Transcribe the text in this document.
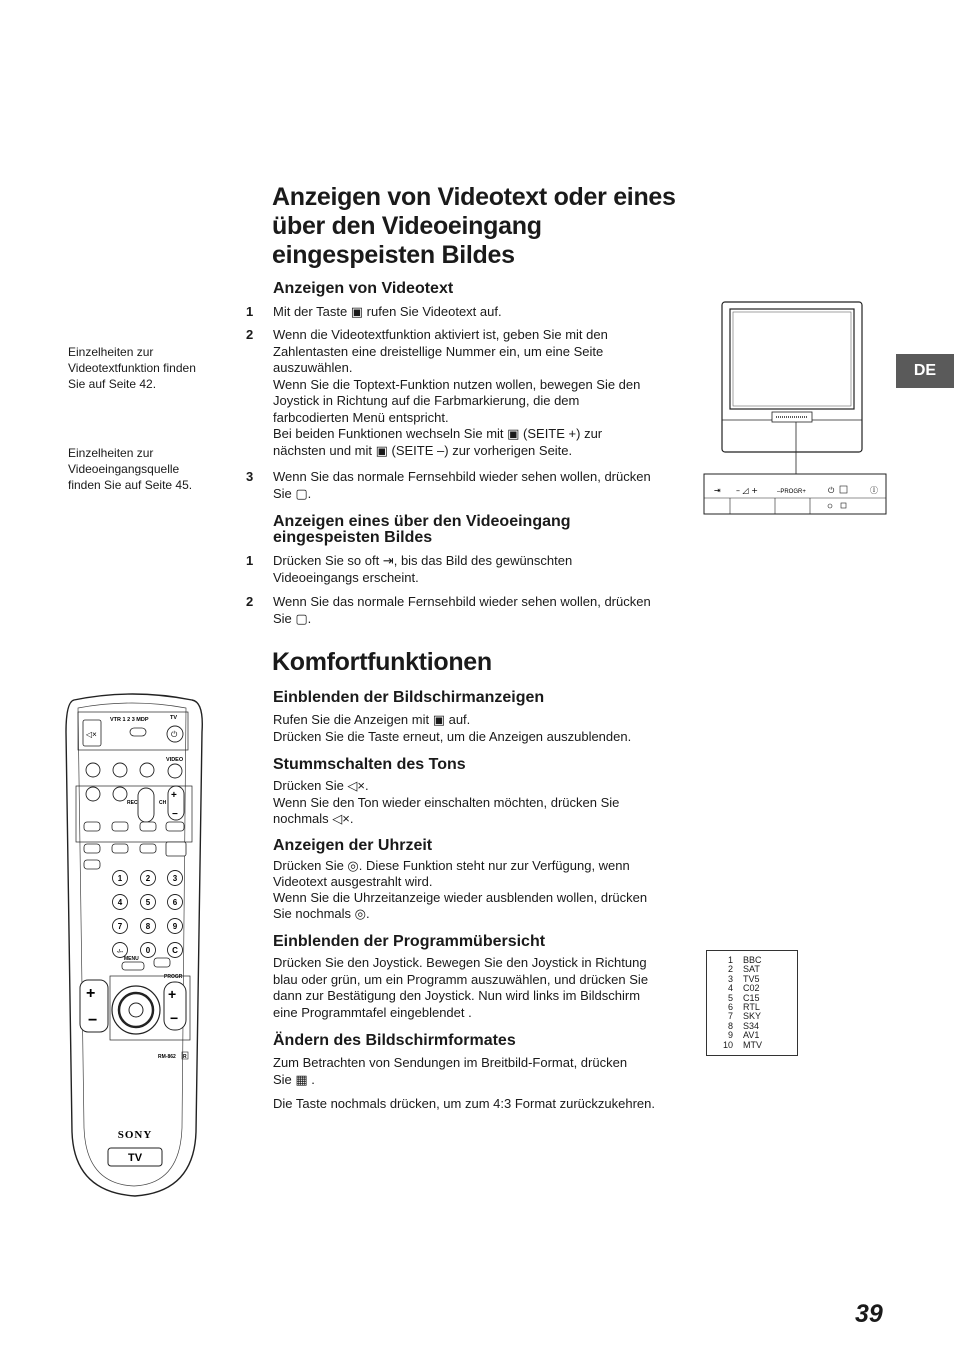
Anzeigen von Videotext oder eines
über den Videoeingang
eingespeisten Bildes
DE
Einzelheiten zur
Videotextfunktion finden
Sie auf Seite 42.
Einzelheiten zur
Videoeingangsquelle
finden Sie auf Seite 45.
Anzeigen von Videotext
1 Mit der Taste ▣ rufen Sie Videotext auf.
2 Wenn die Videotextfunktion aktiviert ist, geben Sie mit den
Zahlentasten eine dreistellige Nummer ein, um eine Seite
auszuwählen.
Wenn Sie die Toptext-Funktion nutzen wollen, bewegen Sie den
Joystick in Richtung auf die Farbmarkierung, die dem
farbcodierten Menü entspricht.
Bei beiden Funktionen wechseln Sie mit ▣ (SEITE +) zur
nächsten und mit ▣ (SEITE –) zur vorherigen Seite.
3 Wenn Sie das normale Fernsehbild wieder sehen wollen, drücken
Sie ▢.
Anzeigen eines über den Videoeingang
eingespeisten Bildes
1 Drücken Sie so oft ⇥, bis das Bild des gewünschten
Videoeingangs erscheint.
2 Wenn Sie das normale Fernsehbild wieder sehen wollen, drücken
Sie ▢.
Komfortfunktionen
Einblenden der Bildschirmanzeigen
Rufen Sie die Anzeigen mit ▣ auf.
Drücken Sie die Taste erneut, um die Anzeigen auszublenden.
Stummschalten des Tons
Drücken Sie ◁×.
Wenn Sie den Ton wieder einschalten möchten, drücken Sie
nochmals ◁×.
Anzeigen der Uhrzeit
Drücken Sie ◎. Diese Funktion steht nur zur Verfügung, wenn
Videotext ausgestrahlt wird.
Wenn Sie die Uhrzeitanzeige wieder ausblenden wollen, drücken
Sie nochmals ◎.
Einblenden der Programmübersicht
Drücken Sie den Joystick. Bewegen Sie den Joystick in Richtung
blau oder grün, um ein Programm auszuwählen, und drücken Sie
dann zur Bestätigung den Joystick. Nun wird links im Bildschirm
eine Programmtafel eingeblendet .
Ändern des Bildschirmformates
Zum Betrachten von Sendungen im Breitbild-Format, drücken
Sie ▦ .
Die Taste nochmals drücken, um zum 4:3 Format zurückzukehren.
1	BBC
2	SAT
3	TV5
4	C02
5	C15
6	RTL
7	SKY
8	S34
9	AV1
10	MTV
⇥ – ◿ +	–PROGR+	⏻	Ⓘ
◁×
VTR 1 2 3 MDP	TV
⏻
VIDEO
REC	CH
+
−
1	2	3
4	5	6
7	8	9
-/--	0	C
MENU
PROGR
+
−
+
−
RM-862 R
SONY
TV
39
